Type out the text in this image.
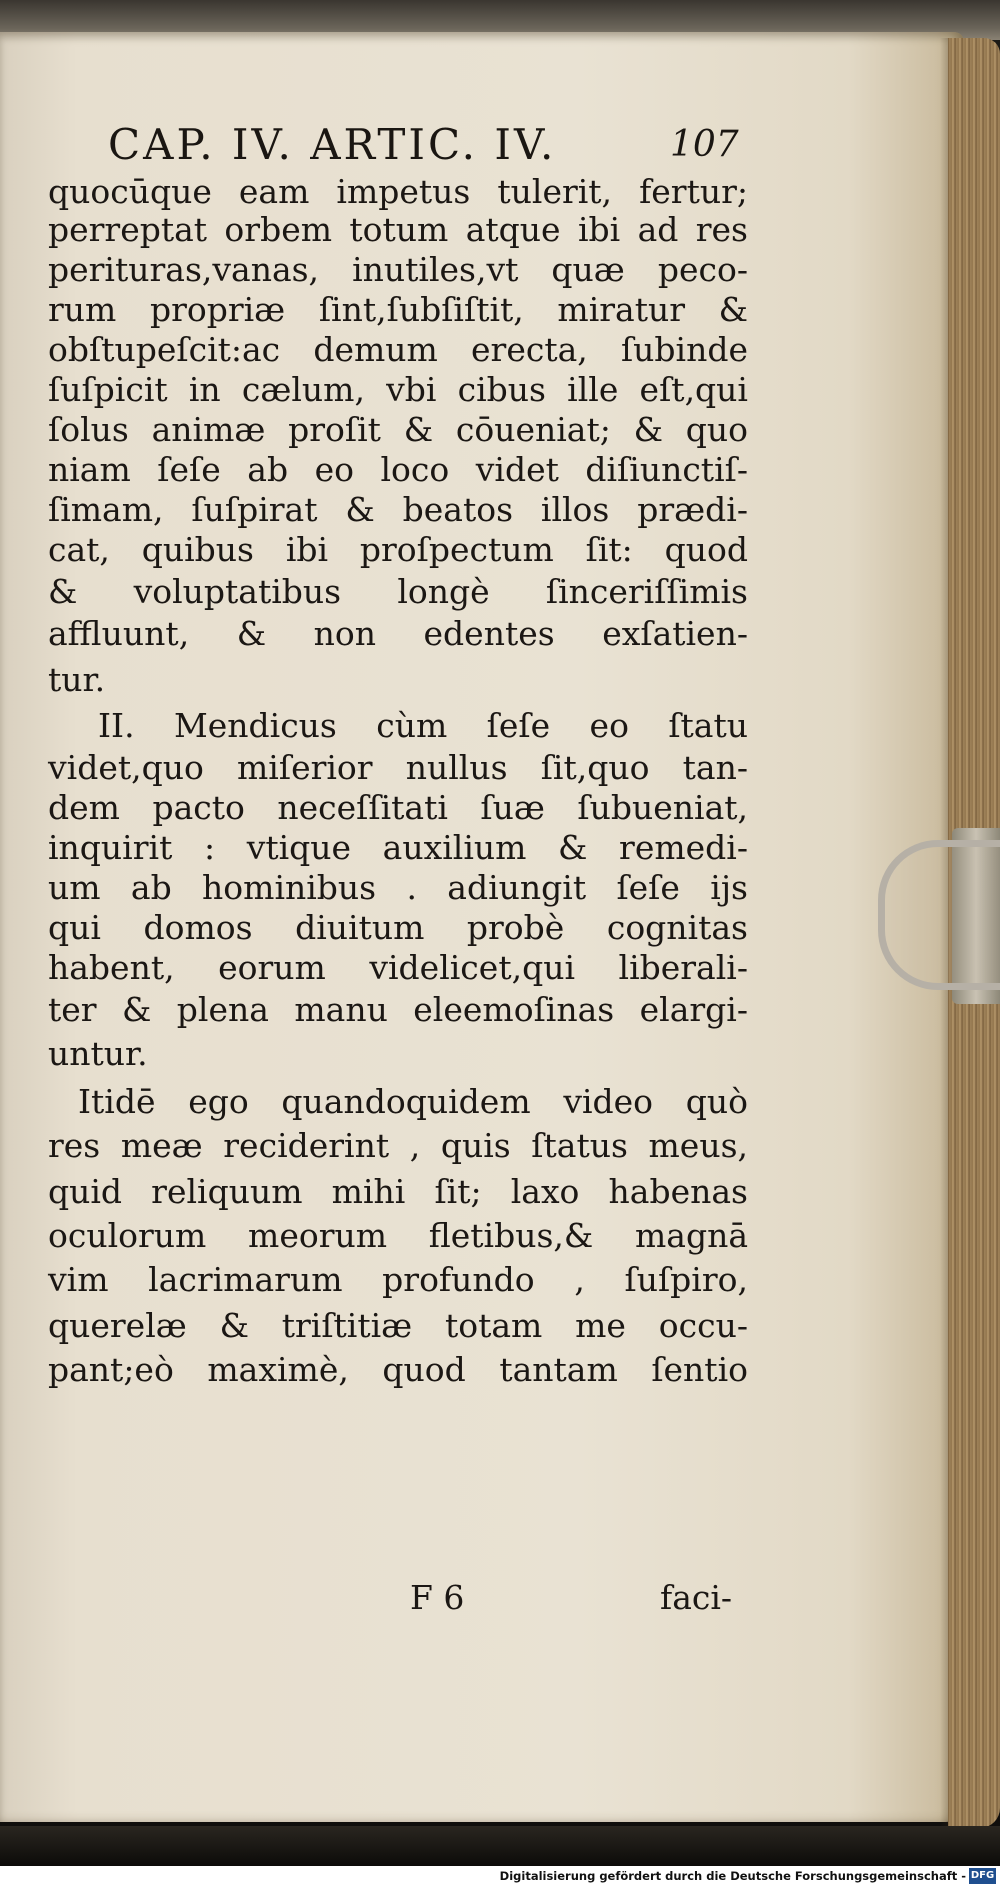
CAP. IV. ARTIC. IV.	107
quocūque eam impetus tulerit, fertur;
perreptat orbem totum atque ibi ad res
perituras,vanas, inutiles,vt quæ peco-
rum propriæ ſint,ſubſiſtit, miratur &
obſtupeſcit:ac demum erecta, ſubinde
ſuſpicit in cælum, vbi cibus ille eſt,qui
ſolus animæ proſit & cōueniat; & quo
niam ſeſe ab eo loco videt diſiunctiſ-
ſimam, ſuſpirat & beatos illos prædi-
cat, quibus ibi proſpectum ſit: quod
& voluptatibus longè ſinceriſſimis
affluunt, & non edentes exſatien-
tur.
II. Mendicus cùm ſeſe eo ſtatu
videt,quo miſerior nullus ſit,quo tan-
dem pacto neceſſitati ſuæ ſubueniat,
inquirit : vtique auxilium & remedi-
um ab hominibus . adiungit ſeſe ijs
qui domos diuitum probè cognitas
habent, eorum videlicet,qui liberali-
ter & plena manu eleemoſinas elargi-
untur.
Itidē ego quandoquidem video quò
res meæ reciderint , quis ſtatus meus,
quid reliquum mihi ſit; laxo habenas
oculorum meorum fletibus,& magnā
vim lacrimarum profundo , ſuſpiro,
querelæ & triſtitiæ totam me occu-
pant;eò maximè, quod tantam ſentio
F 6	faci-
Digitalisierung gefördert durch die Deutsche Forschungsgemeinschaft - DFG
